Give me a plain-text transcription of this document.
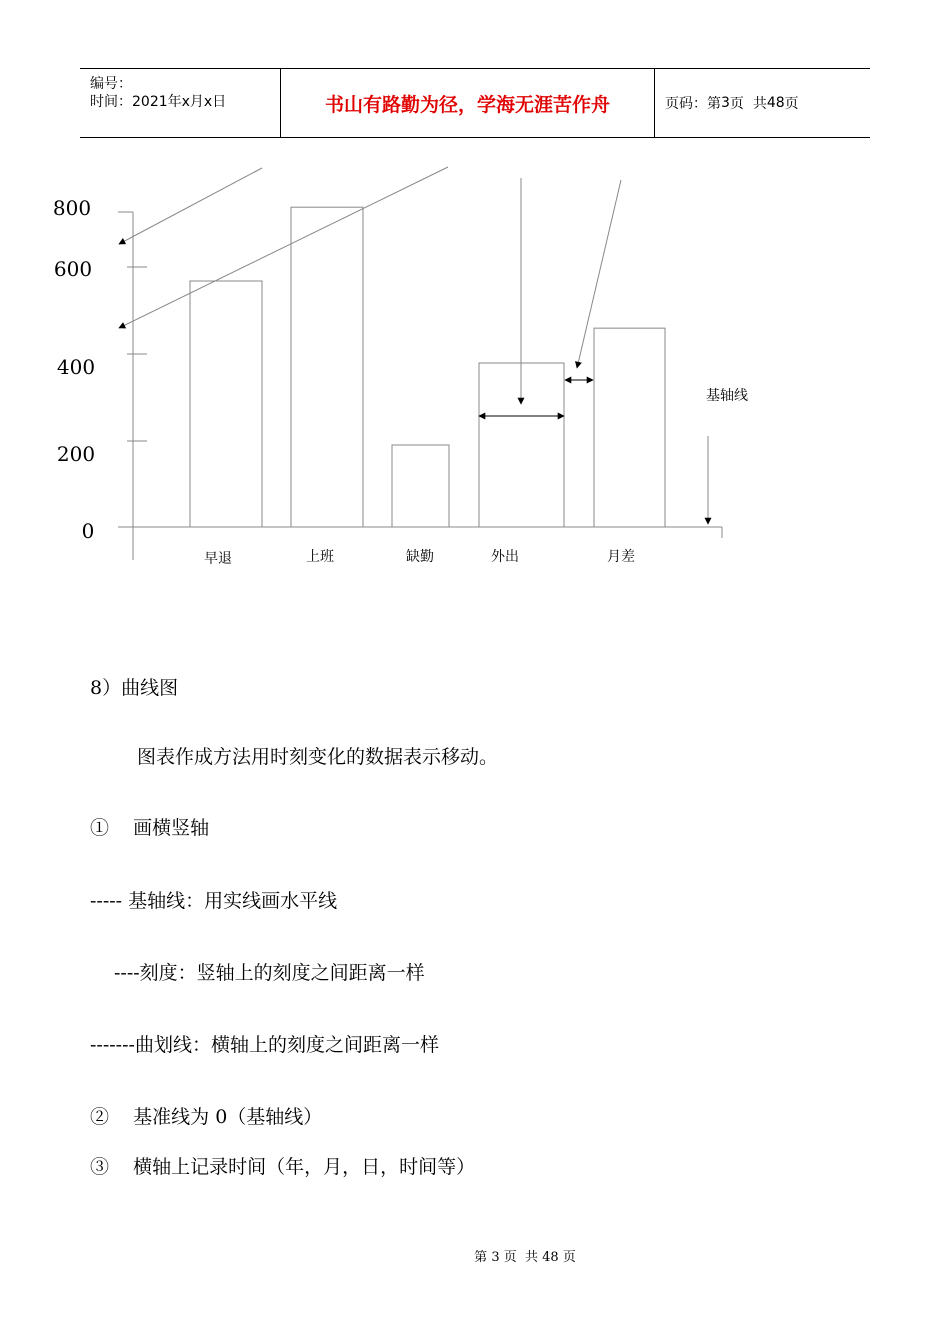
编号：
时间：2021年x月x日	书山有路勤为径，学海无涯苦作舟	页码：第 3 页  共 48 页
0
200
400
600
800
早退	上班	缺勤	外出	月差
基轴线
8）曲线图
图表作成方法用时刻变化的数据表示移动。
①    画横竖轴
----- 基轴线：用实线画水平线
----刻度：竖轴上的刻度之间距离一样
-------曲划线：横轴上的刻度之间距离一样
②    基准线为 0（基轴线）
③    横轴上记录时间（年，月，日，时间等）
第 3 页  共 48 页
